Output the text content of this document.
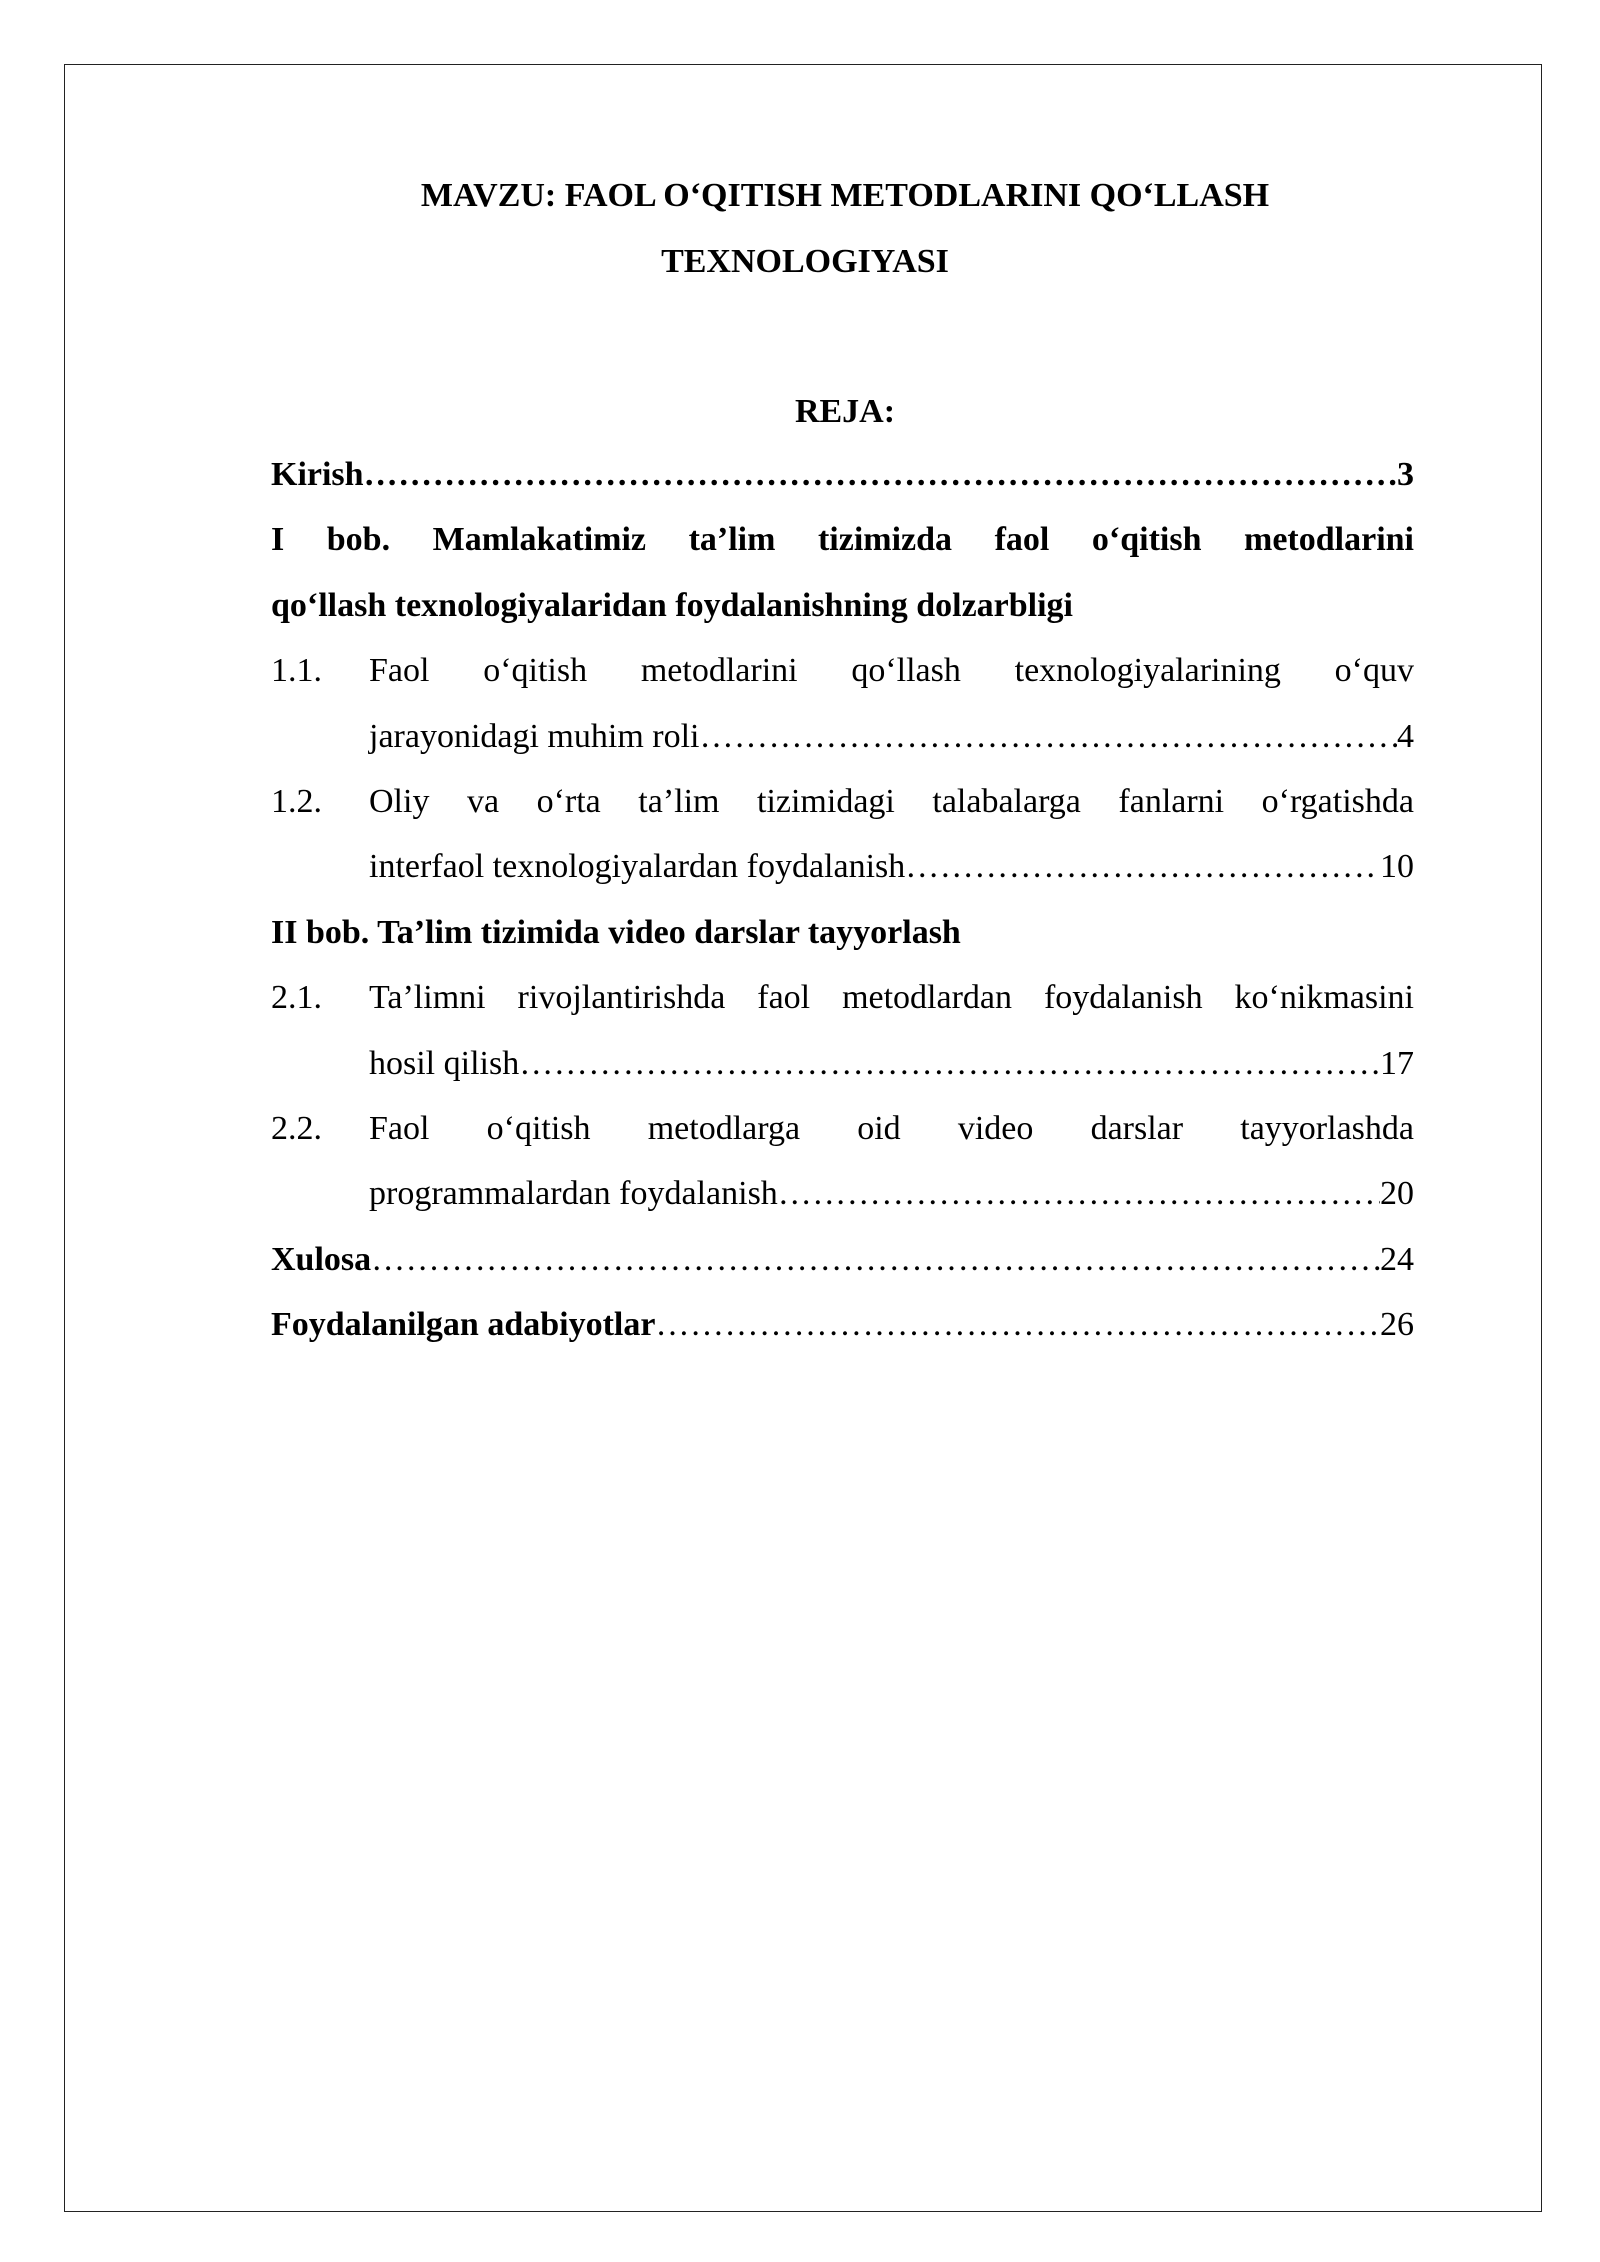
MAVZU: FAOL O‘QITISH METODLARINI QO‘LLASH
TEXNOLOGIYASI
REJA:
Kirish ……………………………………………………………………………………………………………………………………………………………………………………………	3
I bob. Mamlakatimiz ta’lim tizimizda faol o‘qitish metodlarini
qo‘llash texnologiyalaridan foydalanishning dolzarbligi
1.1.	Faol o‘qitish metodlarini qo‘llash texnologiyalarining o‘quv
jarayonidagi muhim roli ……………………………………………………………………………………………………………………………………………………………………………………………	4
1.2.	Oliy va o‘rta ta’lim tizimidagi talabalarga fanlarni o‘rgatishda
interfaol texnologiyalardan foydalanish ……………………………………………………………………………………………………………………………………………………………………………………………	10
II bob. Ta’lim tizimida video darslar tayyorlash
2.1.	Ta’limni rivojlantirishda faol metodlardan foydalanish ko‘nikmasini
hosil qilish ……………………………………………………………………………………………………………………………………………………………………………………………	17
2.2.	Faol o‘qitish metodlarga oid video darslar tayyorlashda
programmalardan foydalanish ……………………………………………………………………………………………………………………………………………………………………………………………	20
Xulosa ……………………………………………………………………………………………………………………………………………………………………………………………	24
Foydalanilgan adabiyotlar ……………………………………………………………………………………………………………………………………………………………………………………………	26
